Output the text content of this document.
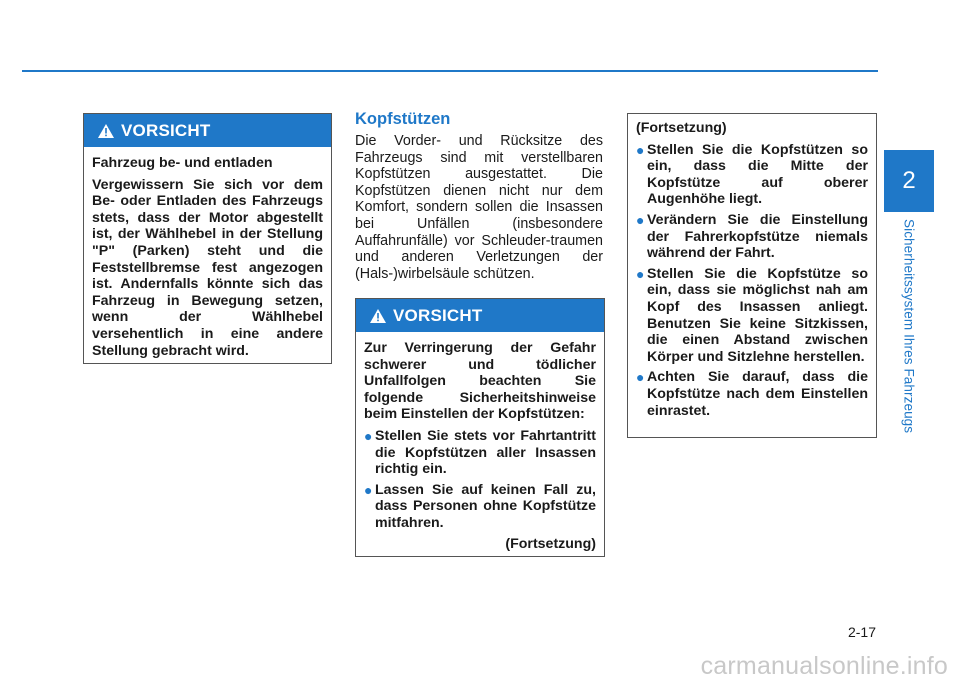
2
Sicherheitssystem Ihres Fahrzeugs
VORSICHT

Fahrzeug be- und entladen

Vergewissern Sie sich vor dem Be- oder Entladen des Fahrzeugs stets, dass der Motor abgestellt ist, der Wählhebel in der Stellung "P" (Parken) steht und die Feststellbremse fest angezogen ist. Andernfalls könnte sich das Fahrzeug in Bewegung setzen, wenn der Wählhebel versehentlich in eine andere Stellung gebracht wird.

Kopfstützen
Die Vorder- und Rücksitze des Fahrzeugs sind mit verstellbaren Kopfstützen ausgestattet. Die Kopfstützen dienen nicht nur dem Komfort, sondern sollen die Insassen bei Unfällen (insbesondere Auffahrunfälle) vor Schleuder-traumen und anderen Verletzungen der (Hals-)wirbelsäule schützen.
VORSICHT

Zur Verringerung der Gefahr schwerer und tödlicher Unfallfolgen beachten Sie folgende Sicherheitshinweise beim Einstellen der Kopfstützen:

● Stellen Sie stets vor Fahrtantritt die Kopfstützen aller Insassen richtig ein.
● Lassen Sie auf keinen Fall zu, dass Personen ohne Kopfstütze mitfahren.
(Fortsetzung)

(Fortsetzung)

● Stellen Sie die Kopfstützen so ein, dass die Mitte der Kopfstütze auf oberer Augenhöhe liegt.
● Verändern Sie die Einstellung der Fahrerkopfstütze niemals während der Fahrt.
● Stellen Sie die Kopfstütze so ein, dass sie möglichst nah am Kopf des Insassen anliegt. Benutzen Sie keine Sitzkissen, die einen Abstand zwischen Körper und Sitzlehne herstellen.
● Achten Sie darauf, dass die Kopfstütze nach dem Einstellen einrastet.
2-17
carmanualsonline.info
